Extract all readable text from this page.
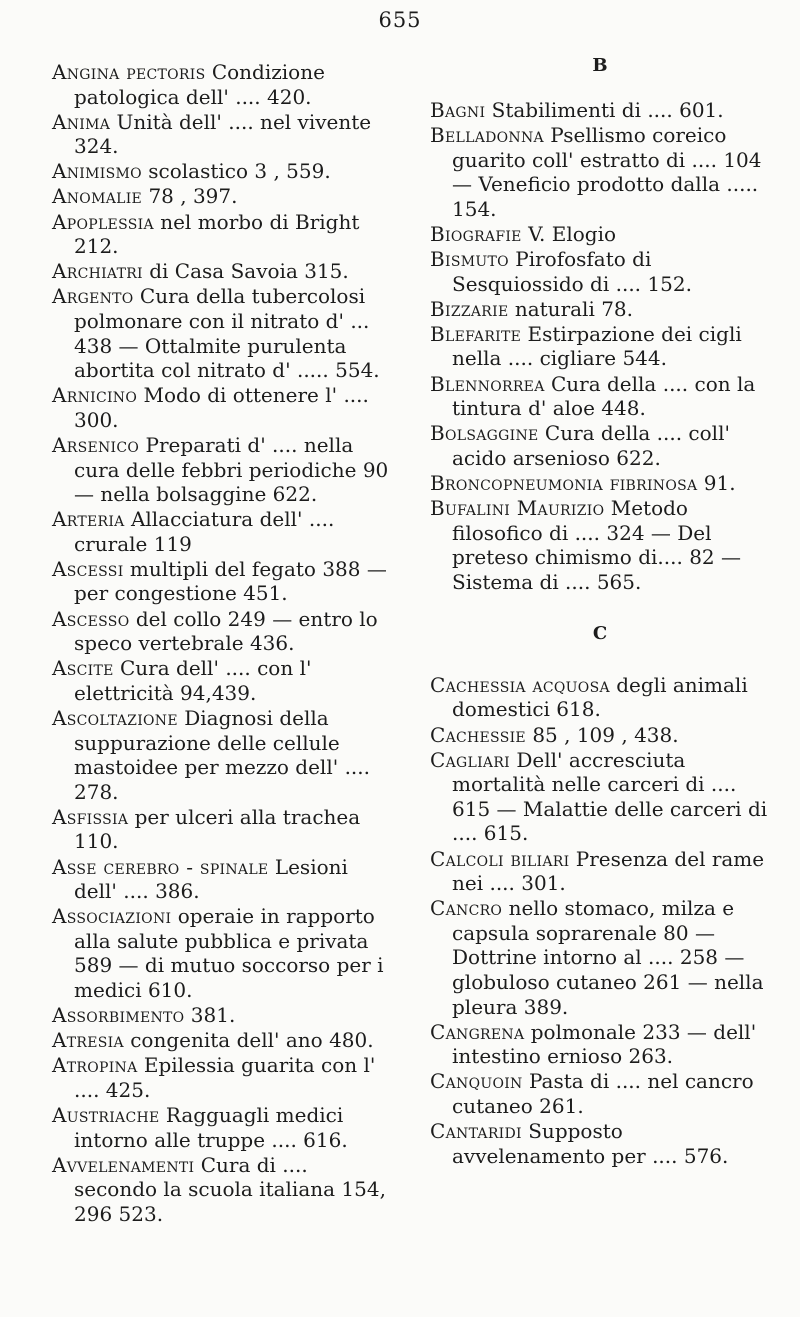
655
Angina pectoris Condizione patologica dell' .... 420.
Anima Unità dell' .... nel vivente 324.
Animismo scolastico 3 , 559.
Anomalie 78 , 397.
Apoplessia nel morbo di Bright 212.
Archiatri di Casa Savoia 315.
Argento Cura della tubercolosi polmonare con il nitrato d' ... 438 — Ottalmite purulenta abortita col nitrato d' ..... 554.
Arnicino Modo di ottenere l' .... 300.
Arsenico Preparati d' .... nella cura delle febbri periodiche 90 — nella bolsaggine 622.
Arteria Allacciatura dell' .... crurale 119
Ascessi multipli del fegato 388 — per congestione 451.
Ascesso del collo 249 — entro lo speco vertebrale 436.
Ascite Cura dell' .... con l' elettricità 94,439.
Ascoltazione Diagnosi della suppurazione delle cellule mastoidee per mezzo dell' .... 278.
Asfissia per ulceri alla trachea 110.
Asse cerebro - spinale Lesioni dell' .... 386.
Associazioni operaie in rapporto alla salute pubblica e privata 589 — di mutuo soccorso per i medici 610.
Assorbimento 381.
Atresia congenita dell' ano 480.
Atropina Epilessia guarita con l' .... 425.
Austriache Ragguagli medici intorno alle truppe .... 616.
Avvelenamenti Cura di .... secondo la scuola italiana 154, 296 523.
B
Bagni Stabilimenti di .... 601.
Belladonna Psellismo coreico guarito coll' estratto di .... 104 — Veneficio prodotto dalla ..... 154.
Biografie V. Elogio
Bismuto Pirofosfato di Sesquiossido di .... 152.
Bizzarie naturali 78.
Blefarite Estirpazione dei cigli nella .... cigliare 544.
Blennorrea Cura della .... con la tintura d' aloe 448.
Bolsaggine Cura della .... coll' acido arsenioso 622.
Broncopneumonia fibrinosa 91.
Bufalini Maurizio Metodo filosofico di .... 324 — Del preteso chimismo di.... 82 — Sistema di .... 565.
C
Cachessia acquosa degli animali domestici 618.
Cachessie 85 , 109 , 438.
Cagliari Dell' accresciuta mortalità nelle carceri di .... 615 — Malattie delle carceri di .... 615.
Calcoli biliari Presenza del rame nei .... 301.
Cancro nello stomaco, milza e capsula soprarenale 80 — Dottrine intorno al .... 258 — globuloso cutaneo 261 — nella pleura 389.
Cangrena polmonale 233 — dell' intestino ernioso 263.
Canquoin Pasta di .... nel cancro cutaneo 261.
Cantaridi Supposto avvelenamento per .... 576.
